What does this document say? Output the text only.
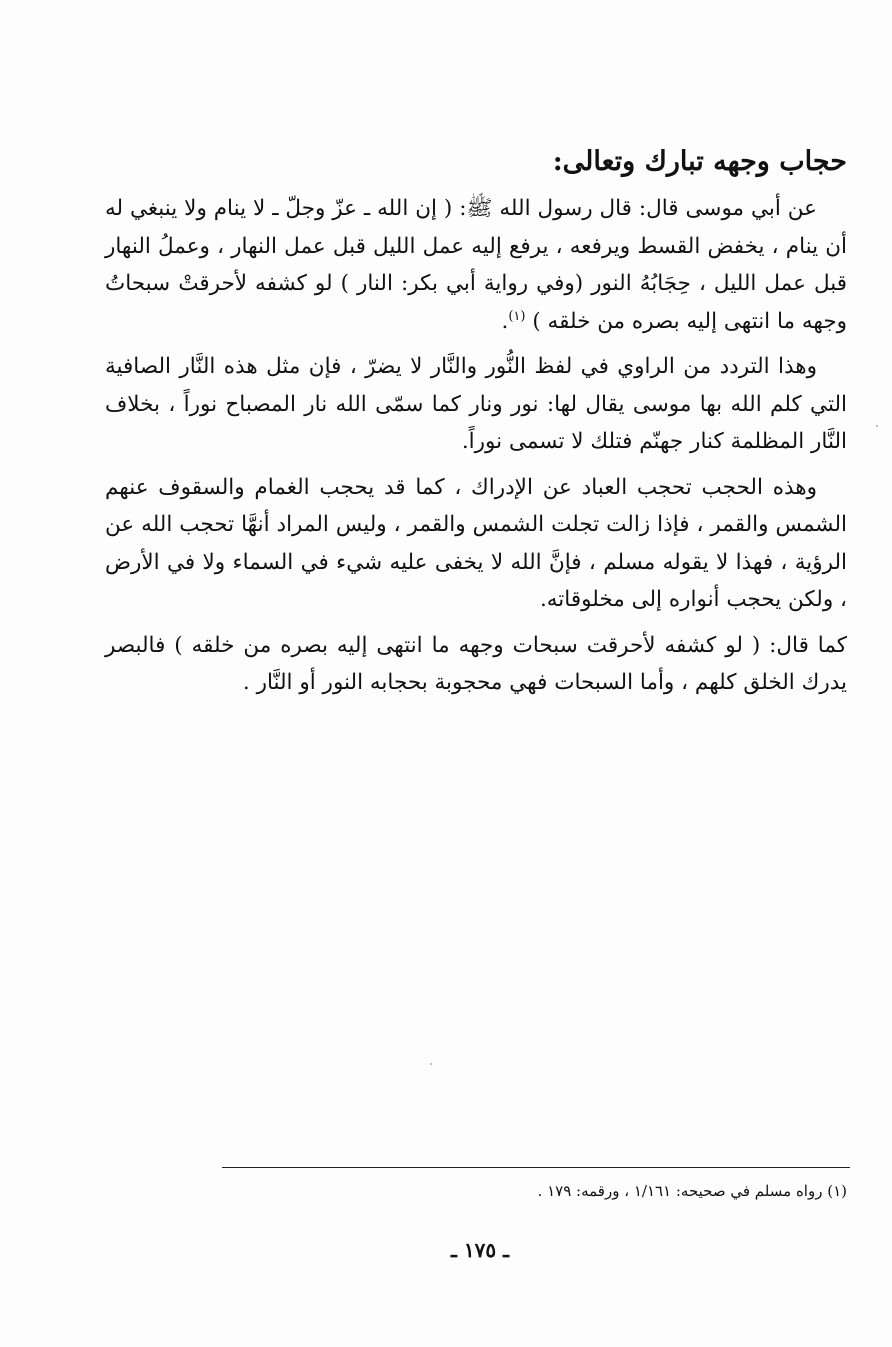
حجاب وجهه تبارك وتعالى:

عن أبي موسى قال: قال رسول الله ﷺ: ( إن الله ـ عزّ وجلّ ـ لا ينام ولا ينبغي له أن ينام ، يخفض القسط ويرفعه ، يرفع إليه عمل الليل قبل عمل النهار ، وعملُ النهار قبل عمل الليل ، حِجَابُهُ النور (وفي رواية أبي بكر: النار ) لو كشفه لأحرقتْ سبحاتُ وجهه ما انتهى إليه بصره من خلقه ) $^{(١)}$.

وهذا التردد من الراوي في لفظ النُّور والنَّار لا يضرّ ، فإن مثل هذه النَّار الصافية التي كلم الله بها موسى يقال لها: نور ونار كما سمّى الله نار المصباح نوراً ، بخلاف النَّار المظلمة كنار جهنّم فتلك لا تسمى نوراً.

وهذه الحجب تحجب العباد عن الإدراك ، كما قد يحجب الغمام والسقوف عنهم الشمس والقمر ، فإذا زالت تجلت الشمس والقمر ، وليس المراد أنهَّا تحجب الله عن الرؤية ، فهذا لا يقوله مسلم ، فإنَّ الله لا يخفى عليه شيء في السماء ولا في الأرض ، ولكن يحجب أنواره إلى مخلوقاته.

كما قال: ( لو كشفه لأحرقت سبحات وجهه ما انتهى إليه بصره من خلقه ) فالبصر يدرك الخلق كلهم ، وأما السبحات فهي محجوبة بحجابه النور أو النَّار .

(١) رواه مسلم في صحيحه: ١/١٦١ ، ورقمه: ١٧٩ .

ـ ١٧٥ ـ
